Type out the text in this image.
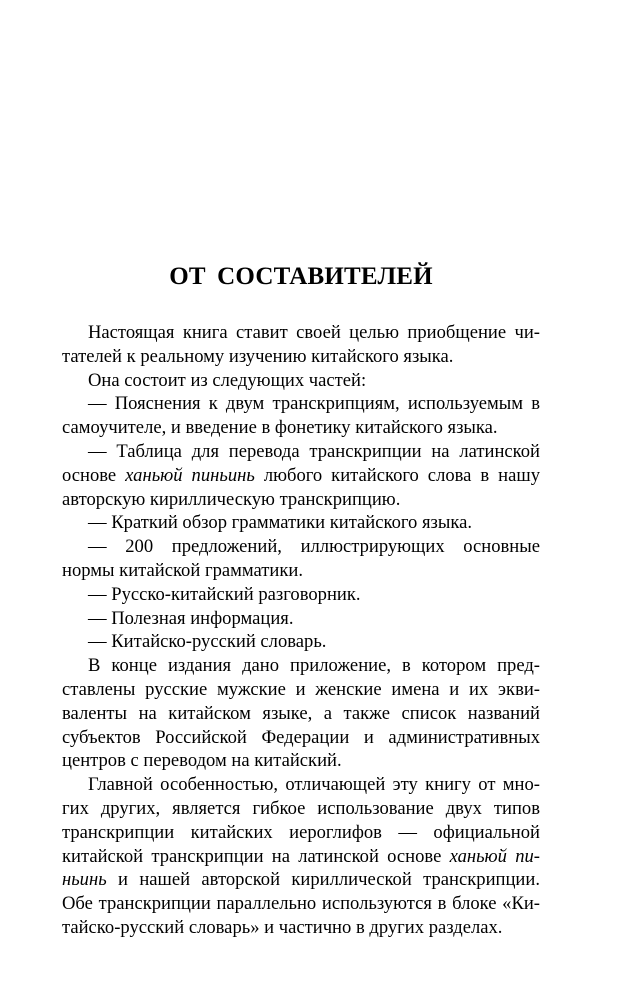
ОТ СОСТАВИТЕЛЕЙ

Настоящая книга ставит своей целью приобщение чи-
тателей к реальному изучению китайского языка.

Она состоит из следующих частей:

— Пояснения к двум транскрипциям, используемым в
самоучителе, и введение в фонетику китайского языка.

— Таблица для перевода транскрипции на латинской
основе ханьюй пиньинь любого китайского слова в нашу
авторскую кириллическую транскрипцию.

— Краткий обзор грамматики китайского языка.

— 200 предложений, иллюстрирующих основные
нормы китайской грамматики.

— Русско-китайский разговорник.

— Полезная информация.

— Китайско-русский словарь.

В конце издания дано приложение, в котором пред-
ставлены русские мужские и женские имена и их экви-
валенты на китайском языке, а также список названий
субъектов Российской Федерации и административных
центров с переводом на китайский.

Главной особенностью, отличающей эту книгу от мно-
гих других, является гибкое использование двух типов
транскрипции китайских иероглифов — официальной
китайской транскрипции на латинской основе ханьюй пи-
ньинь и нашей авторской кириллической транскрипции.
Обе транскрипции параллельно используются в блоке «Ки-
тайско-русский словарь» и частично в других разделах.
